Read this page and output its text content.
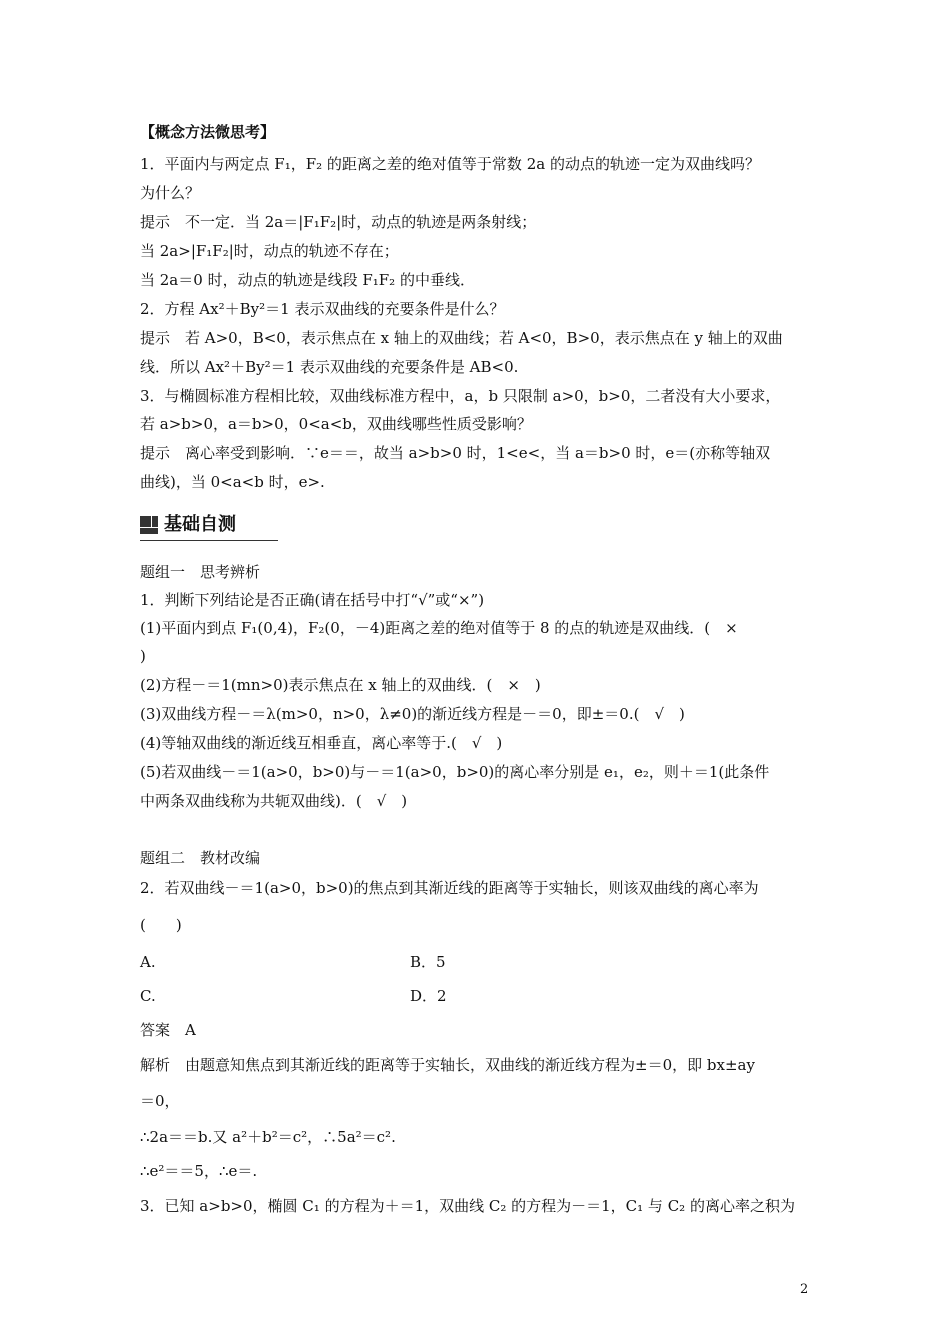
【概念方法微思考】
1．平面内与两定点 F₁，F₂ 的距离之差的绝对值等于常数 2a 的动点的轨迹一定为双曲线吗？
为什么？
提示　不一定．当 2a＝|F₁F₂|时，动点的轨迹是两条射线；
当 2a>|F₁F₂|时，动点的轨迹不存在；
当 2a＝0 时，动点的轨迹是线段 F₁F₂ 的中垂线．
2．方程 Ax²＋By²＝1 表示双曲线的充要条件是什么？
提示　若 A>0，B<0，表示焦点在 x 轴上的双曲线；若 A<0，B>0，表示焦点在 y 轴上的双曲
线．所以 Ax²＋By²＝1 表示双曲线的充要条件是 AB<0.
3．与椭圆标准方程相比较，双曲线标准方程中，a，b 只限制 a>0，b>0，二者没有大小要求，
若 a>b>0，a＝b>0，0<a<b，双曲线哪些性质受影响？
提示　离心率受到影响．∵e＝＝，故当 a>b>0 时，1<e<，当 a＝b>0 时，e＝(亦称等轴双
曲线)，当 0<a<b 时，e>.
基础自测
题组一　思考辨析
1．判断下列结论是否正确(请在括号中打“√”或“×”)
(1)平面内到点 F₁(0,4)，F₂(0，－4)距离之差的绝对值等于 8 的点的轨迹是双曲线．(　×
)
(2)方程－＝1(mn>0)表示焦点在 x 轴上的双曲线．(　×　)
(3)双曲线方程－＝λ(m>0，n>0，λ≠0)的渐近线方程是－＝0，即±＝0.(　√　)
(4)等轴双曲线的渐近线互相垂直，离心率等于.(　√　)
(5)若双曲线－＝1(a>0，b>0)与－＝1(a>0，b>0)的离心率分别是 e₁，e₂，则＋＝1(此条件
中两条双曲线称为共轭双曲线)．(　√　)
题组二　教材改编
2．若双曲线－＝1(a>0，b>0)的焦点到其渐近线的距离等于实轴长，则该双曲线的离心率为
(　　)
A.	B．5
C.	D．2
答案　A
解析　由题意知焦点到其渐近线的距离等于实轴长，双曲线的渐近线方程为±＝0，即 bx±ay
＝0，
∴2a＝＝b.又 a²＋b²＝c²，∴5a²＝c².
∴e²＝＝5，∴e＝.
3．已知 a>b>0，椭圆 C₁ 的方程为＋＝1，双曲线 C₂ 的方程为－＝1，C₁ 与 C₂ 的离心率之积为
2
